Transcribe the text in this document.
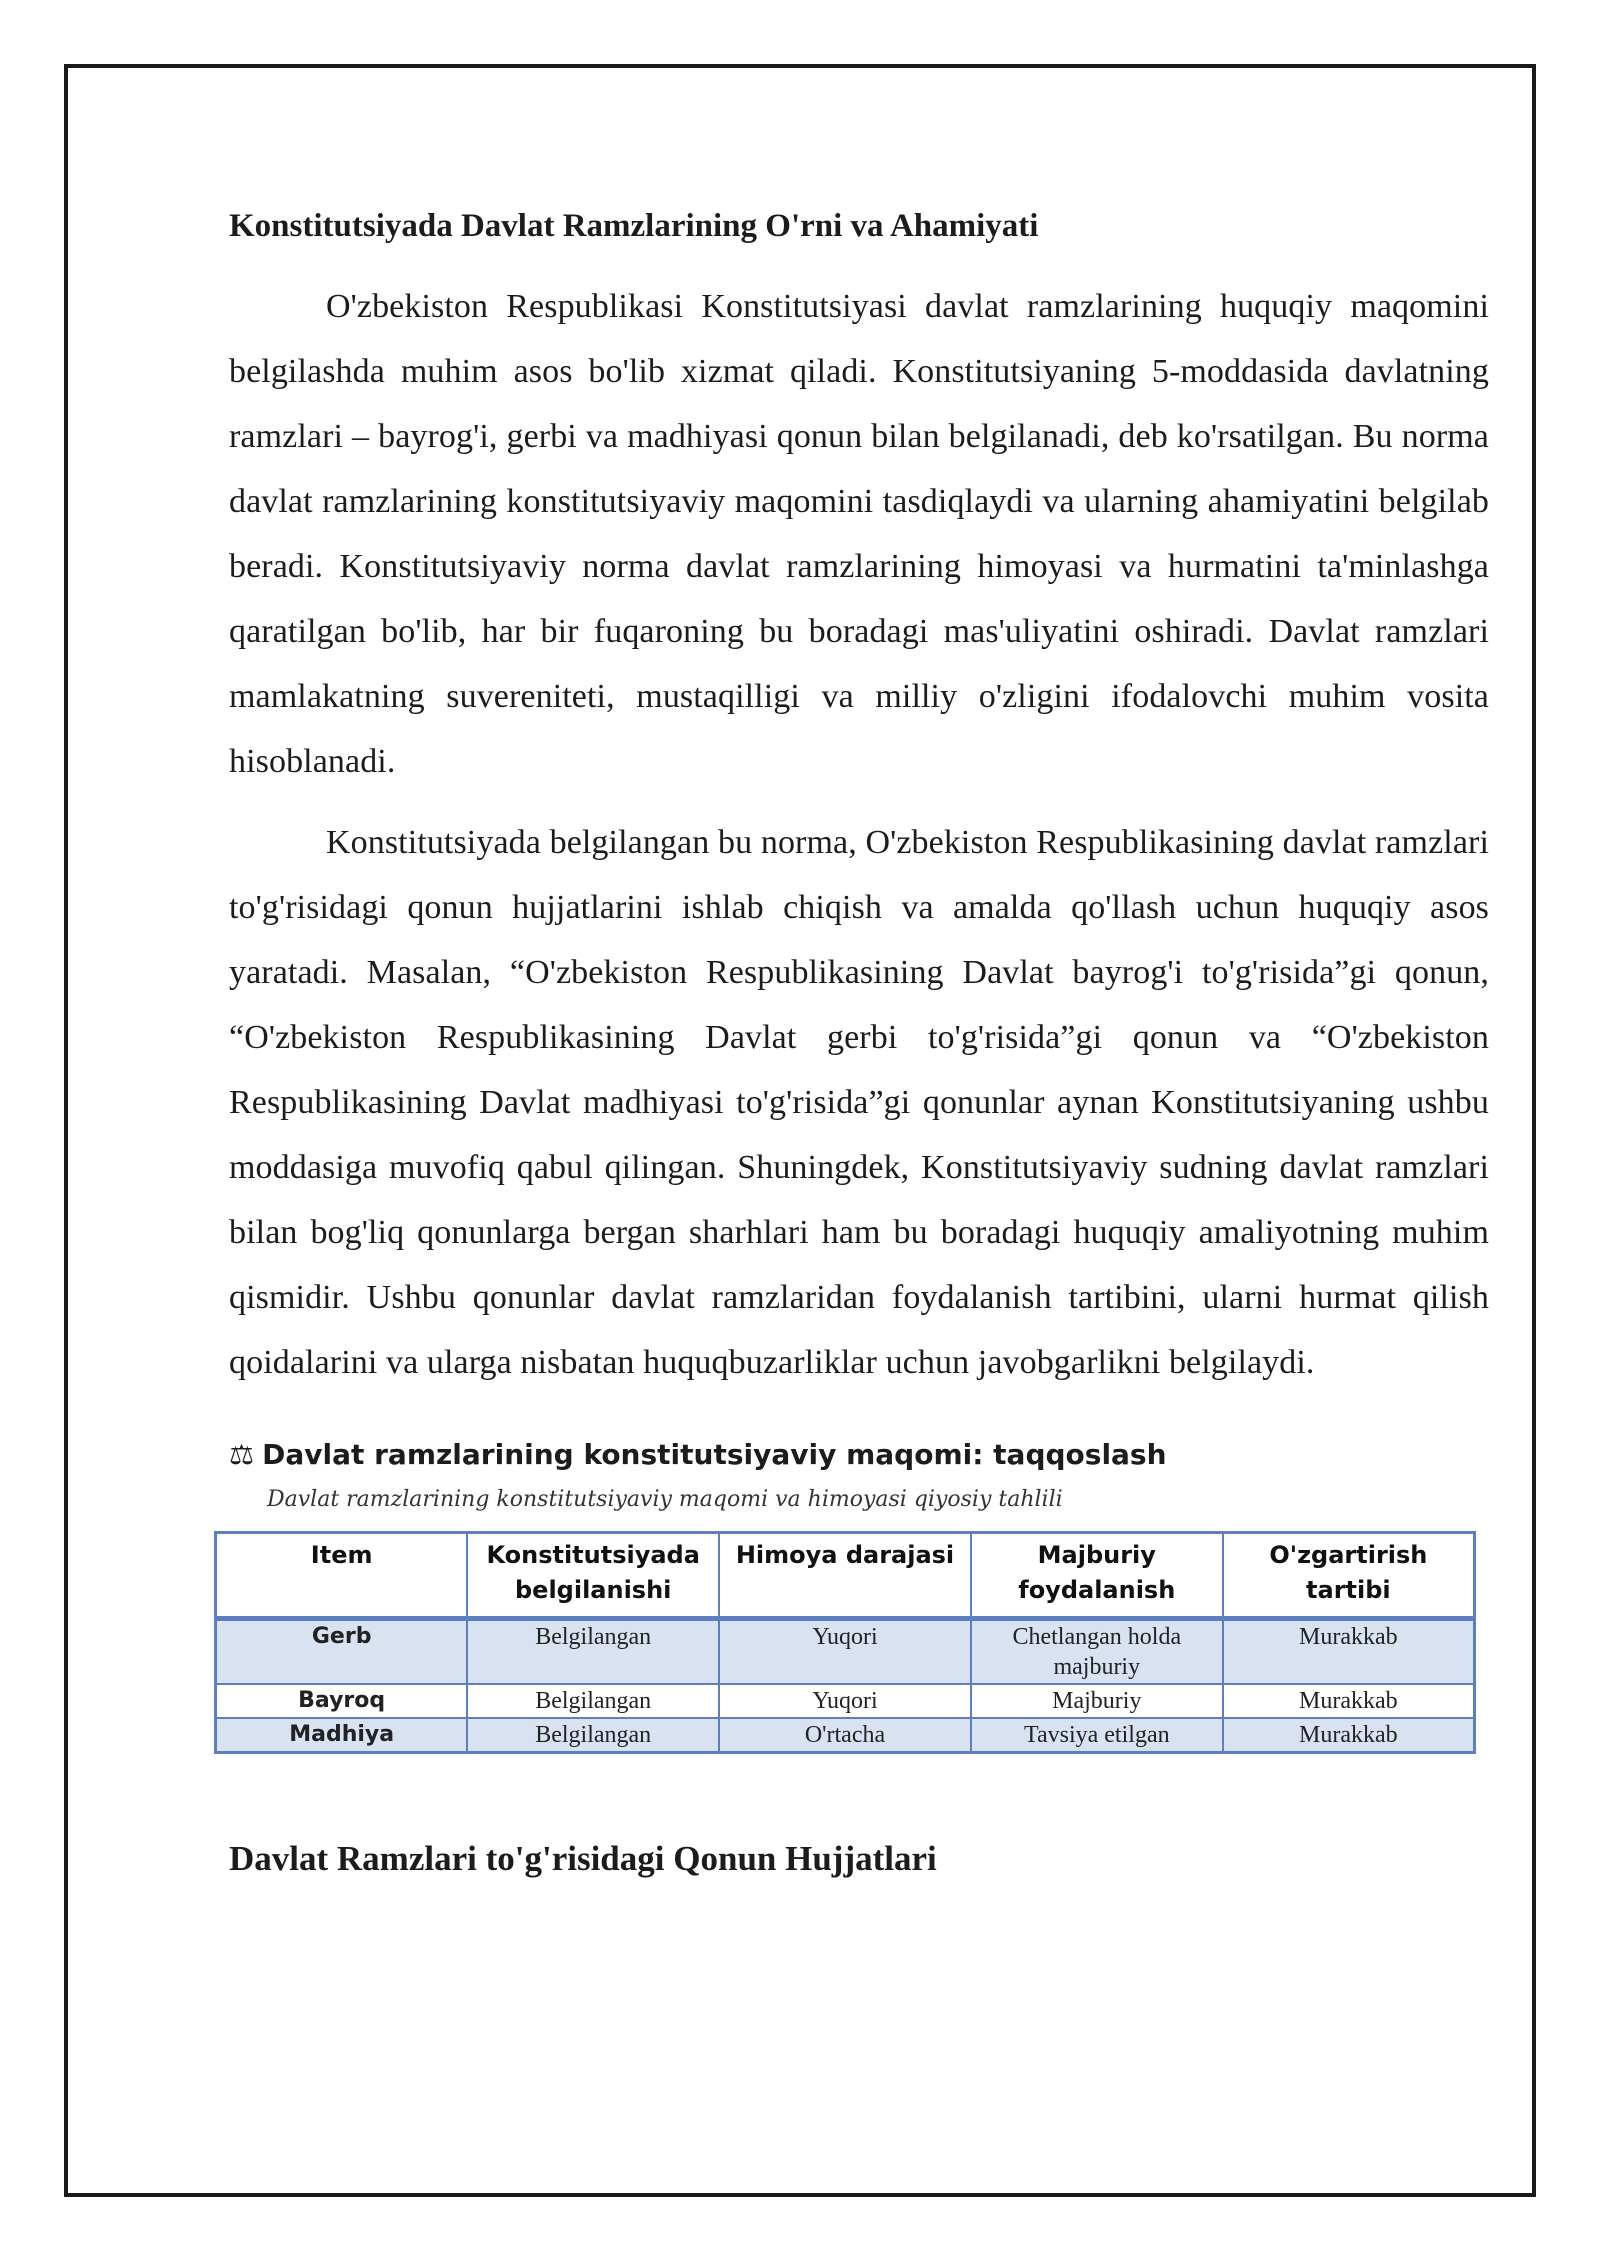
Konstitutsiyada Davlat Ramzlarining O'rni va Ahamiyati

O'zbekiston Respublikasi Konstitutsiyasi davlat ramzlarining huquqiy maqomini belgilashda muhim asos bo'lib xizmat qiladi. Konstitutsiyaning 5-moddasida davlatning ramzlari – bayrog'i, gerbi va madhiyasi qonun bilan belgilanadi, deb ko'rsatilgan. Bu norma davlat ramzlarining konstitutsiyaviy maqomini tasdiqlaydi va ularning ahamiyatini belgilab beradi. Konstitutsiyaviy norma davlat ramzlarining himoyasi va hurmatini ta'minlashga qaratilgan bo'lib, har bir fuqaroning bu boradagi mas'uliyatini oshiradi. Davlat ramzlari mamlakatning suvereniteti, mustaqilligi va milliy o'zligini ifodalovchi muhim vosita hisoblanadi.

Konstitutsiyada belgilangan bu norma, O'zbekiston Respublikasining davlat ramzlari to'g'risidagi qonun hujjatlarini ishlab chiqish va amalda qo'llash uchun huquqiy asos yaratadi. Masalan, “O'zbekiston Respublikasining Davlat bayrog'i to'g'risida”gi qonun, “O'zbekiston Respublikasining Davlat gerbi to'g'risida”gi qonun va “O'zbekiston Respublikasining Davlat madhiyasi to'g'risida”gi qonunlar aynan Konstitutsiyaning ushbu moddasiga muvofiq qabul qilingan. Shuningdek, Konstitutsiyaviy sudning davlat ramzlari bilan bog'liq qonunlarga bergan sharhlari ham bu boradagi huquqiy amaliyotning muhim qismidir. Ushbu qonunlar davlat ramzlaridan foydalanish tartibini, ularni hurmat qilish qoidalarini va ularga nisbatan huquqbuzarliklar uchun javobgarlikni belgilaydi.

⚖ Davlat ramzlarining konstitutsiyaviy maqomi: taqqoslash
Davlat ramzlarining konstitutsiyaviy maqomi va himoyasi qiyosiy tahlili
Item	Konstitutsiyada belgilanishi	Himoya darajasi	Majburiy foydalanish	O'zgartirish tartibi
Gerb	Belgilangan	Yuqori	Chetlangan holda majburiy	Murakkab
Bayroq	Belgilangan	Yuqori	Majburiy	Murakkab
Madhiya	Belgilangan	O'rtacha	Tavsiya etilgan	Murakkab
Davlat Ramzlari to'g'risidagi Qonun Hujjatlari
